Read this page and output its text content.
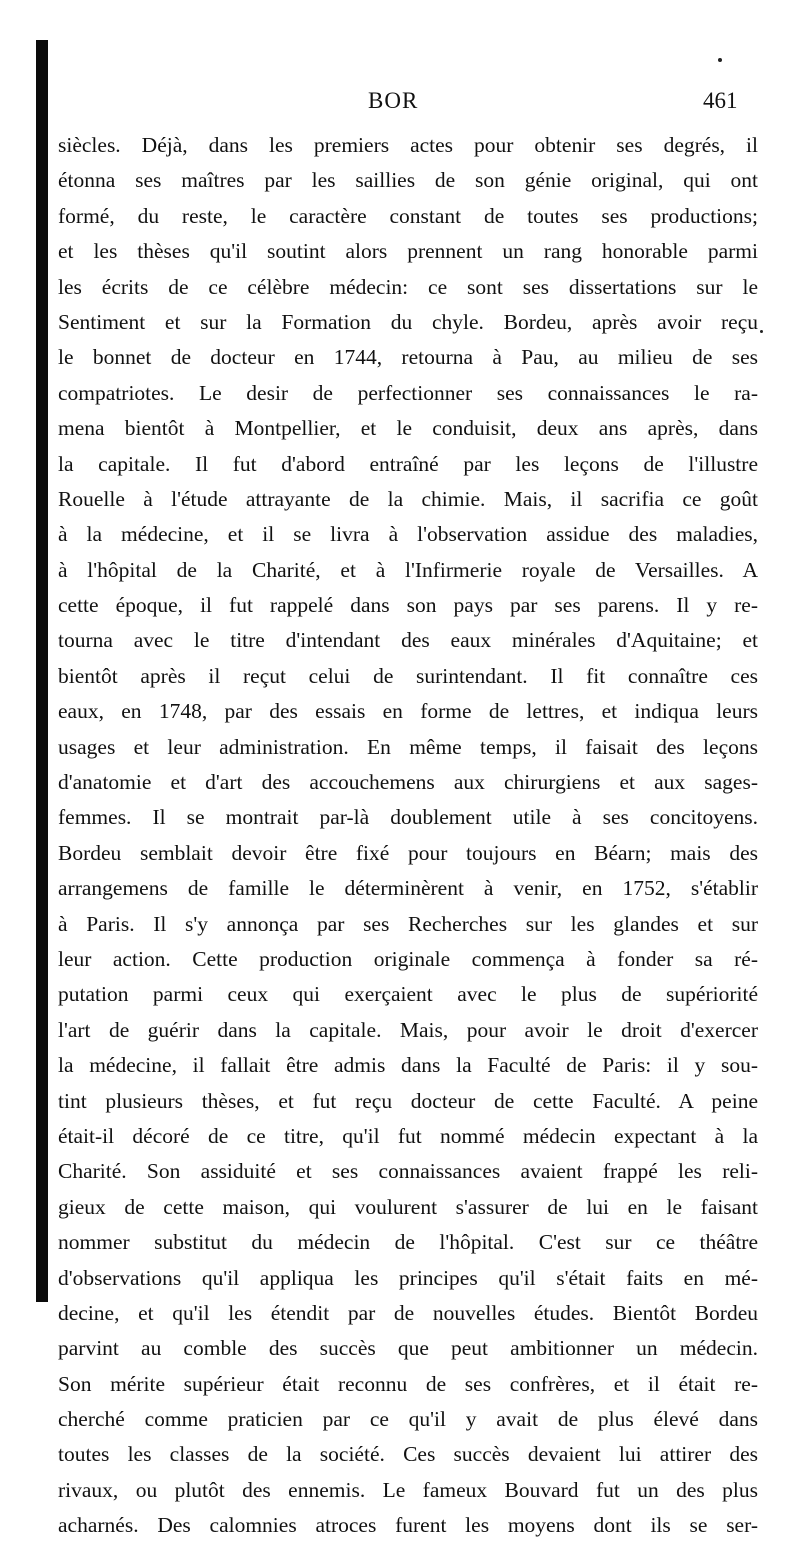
BOR	461
siècles. Déjà, dans les premiers actes pour obtenir ses degrés, il
étonna ses maîtres par les saillies de son génie original, qui ont
formé, du reste, le caractère constant de toutes ses productions;
et les thèses qu'il soutint alors prennent un rang honorable parmi
les écrits de ce célèbre médecin: ce sont ses dissertations sur le
Sentiment et sur la Formation du chyle. Bordeu, après avoir reçu
le bonnet de docteur en 1744, retourna à Pau, au milieu de ses
compatriotes. Le desir de perfectionner ses connaissances le ra-
mena bientôt à Montpellier, et le conduisit, deux ans après, dans
la capitale. Il fut d'abord entraîné par les leçons de l'illustre
Rouelle à l'étude attrayante de la chimie. Mais, il sacrifia ce goût
à la médecine, et il se livra à l'observation assidue des maladies,
à l'hôpital de la Charité, et à l'Infirmerie royale de Versailles. A
cette époque, il fut rappelé dans son pays par ses parens. Il y re-
tourna avec le titre d'intendant des eaux minérales d'Aquitaine; et
bientôt après il reçut celui de surintendant. Il fit connaître ces
eaux, en 1748, par des essais en forme de lettres, et indiqua leurs
usages et leur administration. En même temps, il faisait des leçons
d'anatomie et d'art des accouchemens aux chirurgiens et aux sages-
femmes. Il se montrait par-là doublement utile à ses concitoyens.
Bordeu semblait devoir être fixé pour toujours en Béarn; mais des
arrangemens de famille le déterminèrent à venir, en 1752, s'établir
à Paris. Il s'y annonça par ses Recherches sur les glandes et sur
leur action. Cette production originale commença à fonder sa ré-
putation parmi ceux qui exerçaient avec le plus de supériorité
l'art de guérir dans la capitale. Mais, pour avoir le droit d'exercer
la médecine, il fallait être admis dans la Faculté de Paris: il y sou-
tint plusieurs thèses, et fut reçu docteur de cette Faculté. A peine
était-il décoré de ce titre, qu'il fut nommé médecin expectant à la
Charité. Son assiduité et ses connaissances avaient frappé les reli-
gieux de cette maison, qui voulurent s'assurer de lui en le faisant
nommer substitut du médecin de l'hôpital. C'est sur ce théâtre
d'observations qu'il appliqua les principes qu'il s'était faits en mé-
decine, et qu'il les étendit par de nouvelles études. Bientôt Bordeu
parvint au comble des succès que peut ambitionner un médecin.
Son mérite supérieur était reconnu de ses confrères, et il était re-
cherché comme praticien par ce qu'il y avait de plus élevé dans
toutes les classes de la société. Ces succès devaient lui attirer des
rivaux, ou plutôt des ennemis. Le fameux Bouvard fut un des plus
acharnés. Des calomnies atroces furent les moyens dont ils se ser-
